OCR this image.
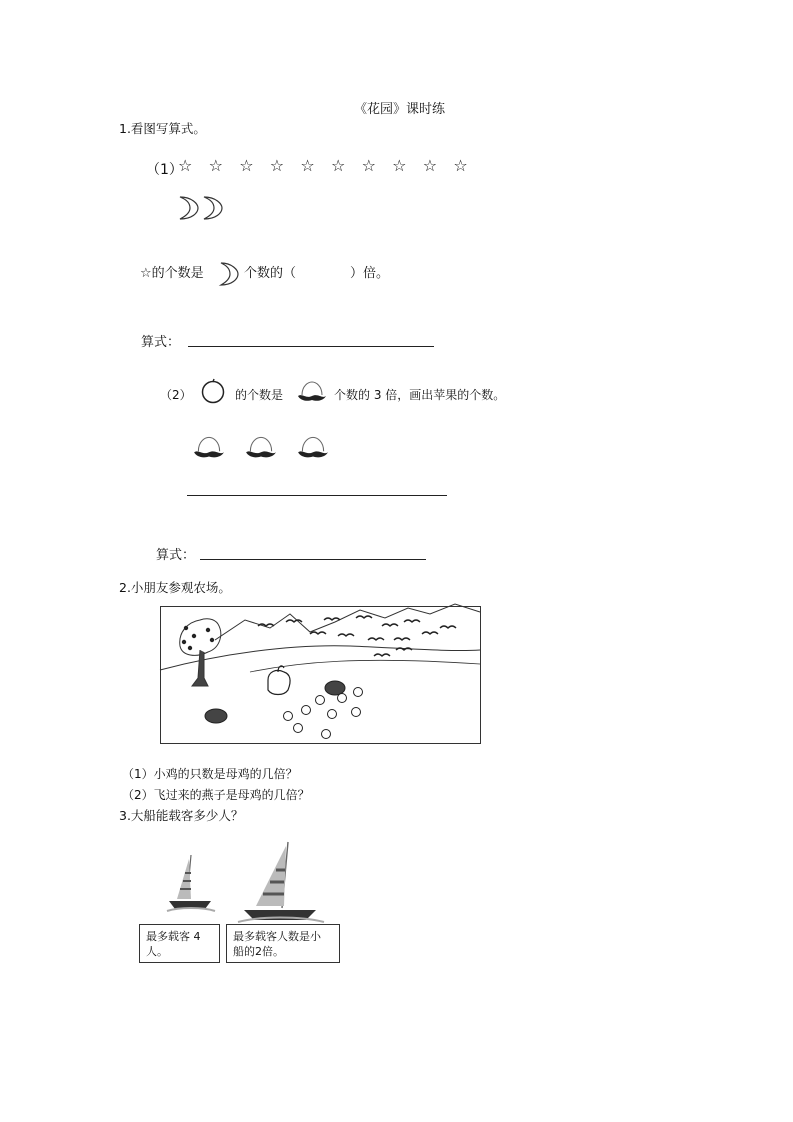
《花园》课时练
1.看图写算式。
（1）
☆ ☆ ☆ ☆ ☆ ☆ ☆ ☆ ☆ ☆
☆的个数是	个数的（	）倍。
算式：
（2）	的个数是	个数的 3 倍，画出苹果的个数。
算式：
2.小朋友参观农场。
（1）小鸡的只数是母鸡的几倍？
（2）飞过来的燕子是母鸡的几倍？
3.大船能载客多少人？
最多载客 4
人。
最多载客人数是小
船的2倍。
